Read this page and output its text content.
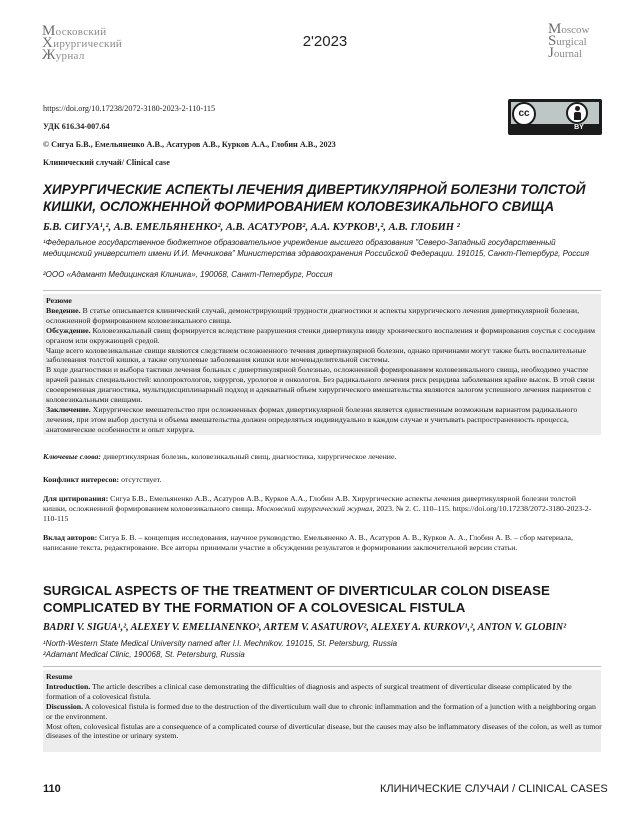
Московский
Хирургический
Журнал
2'2023
Moscow
Surgical
Journal
https://doi.org/10.17238/2072-3180-2023-2-110-115
УДК 616.34-007.64
© Сигуа Б.В., Емельяненко А.В., Асатуров А.В., Курков А.А., Глобин А.В., 2023
Клинический случай/ Clinical case
cc
BY
ХИРУРГИЧЕСКИЕ АСПЕКТЫ ЛЕЧЕНИЯ ДИВЕРТИКУЛЯРНОЙ БОЛЕЗНИ ТОЛСТОЙ КИШКИ, ОСЛОЖНЕННОЙ ФОРМИРОВАНИЕМ КОЛОВЕЗИКАЛЬНОГО СВИЩА
Б.В. СИГУА¹,², А.В. ЕМЕЛЬЯНЕНКО², А.В. АСАТУРОВ², А.А. КУРКОВ¹,², А.В. ГЛОБИН ²
¹Федеральное государственное бюджетное образовательное учреждение высшего образования "Северо-Западный государственный медицинский университет имени И.И. Мечникова" Министерства здравоохранения Российской Федерации. 191015, Санкт-Петербург, Россия
²ООО «Адамант Медицинская Клиника», 190068, Санкт-Петербург, Россия

Резюме

Введение. В статье описывается клинический случай, демонстрирующий трудности диагностики и аспекты хирургического лечения дивертикулярной болезни, осложненной формированием коловезикального свища.

Обсуждение. Коловезикальный свищ формируется вследствие разрушения стенки дивертикула ввиду хронического воспаления и формирования соустья с соседним органом или окружающей средой.

Чаще всего коловезикальные свищи являются следствием осложненного течения дивертикулярной болезни, однако причинами могут также быть воспалительные заболевания толстой кишки, а также опухолевые заболевания кишки или мочевыделительной системы.

В ходе диагностики и выбора тактики лечения больных с дивертикулярной болезнью, осложненной формированием коловезикального свища, необходимо участие врачей разных специальностей: колопроктологов, хирургов, урологов и онкологов. Без радикального лечения риск рецидива заболевания крайне высок. В этой связи своевременная диагностика, мультидисциплинарный подход и адекватный объем хирургического вмешательства являются залогом успешного лечения пациентов с коловезикальными свищами.

Заключение. Хирургическое вмешательство при осложненных формах дивертикулярной болезни является единственным возможным вариантом радикального лечения, при этом выбор доступа и объема вмешательства должен определяться индивидуально в каждом случае и учитывать распространенность процесса, анатомические особенности и опыт хирурга.

Ключевые слова: дивертикулярная болезнь, коловезикальный свищ, диагностика, хирургическое лечение.

Конфликт интересов: отсутствует.

Для цитирования: Сигуа Б.В., Емельяненко А.В., Асатуров А.В., Курков А.А., Глобин А.В. Хирургические аспекты лечения дивертикулярной болезни толстой кишки, осложненной формированием коловезикального свища. Московский хирургический журнал, 2023. № 2. С. 110–115. https://doi.org/10.17238/2072-3180-2023-2-110-115

Вклад авторов: Сигуа Б. В. – концепция исследования, научное руководство. Емельяненко А. В., Асатуров А. В., Курков А. А., Глобин А. В. – сбор материала, написание текста, редактирование. Все авторы принимали участие в обсуждении результатов и формировании заключительной версии статьи.

SURGICAL ASPECTS OF THE TREATMENT OF DIVERTICULAR COLON DISEASE COMPLICATED BY THE FORMATION OF A COLOVESICAL FISTULA
BADRI V. SIGUA¹,², ALEXEY V. EMELIANENKO², ARTEM V. ASATUROV², ALEXEY A. KURKOV¹,², ANTON V. GLOBIN²
¹North-Western State Medical University named after I.I. Mechnikov. 191015, St. Petersburg, Russia
²Adamant Medical Clinic, 190068, St. Petersburg, Russia

Resume

Introduction. The article describes a clinical case demonstrating the difficulties of diagnosis and aspects of surgical treatment of diverticular disease complicated by the formation of a colovesical fistula.

Discussion. A colovesical fistula is formed due to the destruction of the diverticulum wall due to chronic inflammation and the formation of a junction with a neighboring organ or the environment.

Most often, colovesical fistulas are a consequence of a complicated course of diverticular disease, but the causes may also be inflammatory diseases of the colon, as well as tumor diseases of the intestine or urinary system.

110	КЛИНИЧЕСКИЕ СЛУЧАИ / CLINICAL CASES
